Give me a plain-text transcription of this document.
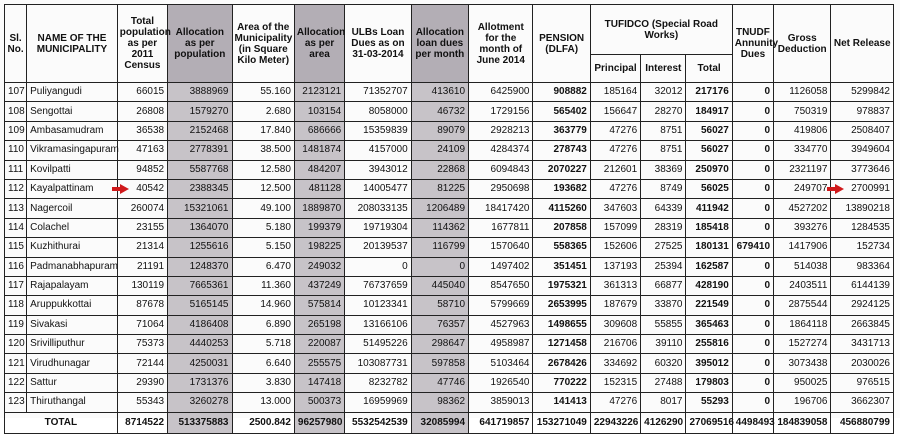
Sl. No.	NAME OF THE MUNICIPALITY	Total population as per 2011 Census	Allocation as per population	Area of the Municipality (in Square Kilo Meter)	Allocation as per area	ULBs Loan Dues as on 31-03-2014	Allocation loan dues per month	Allotment for the month of June 2014	PENSION (DLFA)	TUFIDCO (Special Road Works)			TNUDF Annunity Dues	Gross Deduction	Net Release
										Principal	Interest	Total			
107	Puliyangudi	66015	3888969	55.160	2123121	71352707	413610	6425900	908882	185164	32012	217176	0	1126058	5299842
108	Sengottai	26808	1579270	2.680	103154	8058000	46732	1729156	565402	156647	28270	184917	0	750319	978837
109	Ambasamudram	36538	2152468	17.840	686666	15359839	89079	2928213	363779	47276	8751	56027	0	419806	2508407
110	Vikramasingapuram	47163	2778391	38.500	1481874	4157000	24109	4284374	278743	47276	8751	56027	0	334770	3949604
111	Kovilpatti	94852	5587768	12.580	484207	3943012	22868	6094843	2070227	212601	38369	250970	0	2321197	3773646
112	Kayalpattinam	40542	2388345	12.500	481128	14005477	81225	2950698	193682	47276	8749	56025	0	249707	2700991
113	Nagercoil	260074	15321061	49.100	1889870	208033135	1206489	18417420	4115260	347603	64339	411942	0	4527202	13890218
114	Colachel	23155	1364070	5.180	199379	19719304	114362	1677811	207858	157099	28319	185418	0	393276	1284535
115	Kuzhithurai	21314	1255616	5.150	198225	20139537	116799	1570640	558365	152606	27525	180131	679410	1417906	152734
116	Padmanabhapuram	21191	1248370	6.470	249032	0	0	1497402	351451	137193	25394	162587	0	514038	983364
117	Rajapalayam	130119	7665361	11.360	437249	76737659	445040	8547650	1975321	361313	66877	428190	0	2403511	6144139
118	Aruppukkottai	87678	5165145	14.960	575814	10123341	58710	5799669	2653995	187679	33870	221549	0	2875544	2924125
119	Sivakasi	71064	4186408	6.890	265198	13166106	76357	4527963	1498655	309608	55855	365463	0	1864118	2663845
120	Srivilliputhur	75373	4440253	5.718	220087	51495226	298647	4958987	1271458	216706	39110	255816	0	1527274	3431713
121	Virudhunagar	72144	4250031	6.640	255575	103087731	597858	5103464	2678426	334692	60320	395012	0	3073438	2030026
122	Sattur	29390	1731376	3.830	147418	8232782	47746	1926540	770222	152315	27488	179803	0	950025	976515
123	Thiruthangal	55343	3260278	13.000	500373	16959969	98362	3859013	141413	47276	8017	55293	0	196706	3662307
TOTAL		8714522	513375883	2500.842	96257980	5532542539	32085994	641719857	153271049	22943226	4126290	27069516	4498493	184839058	456880799
